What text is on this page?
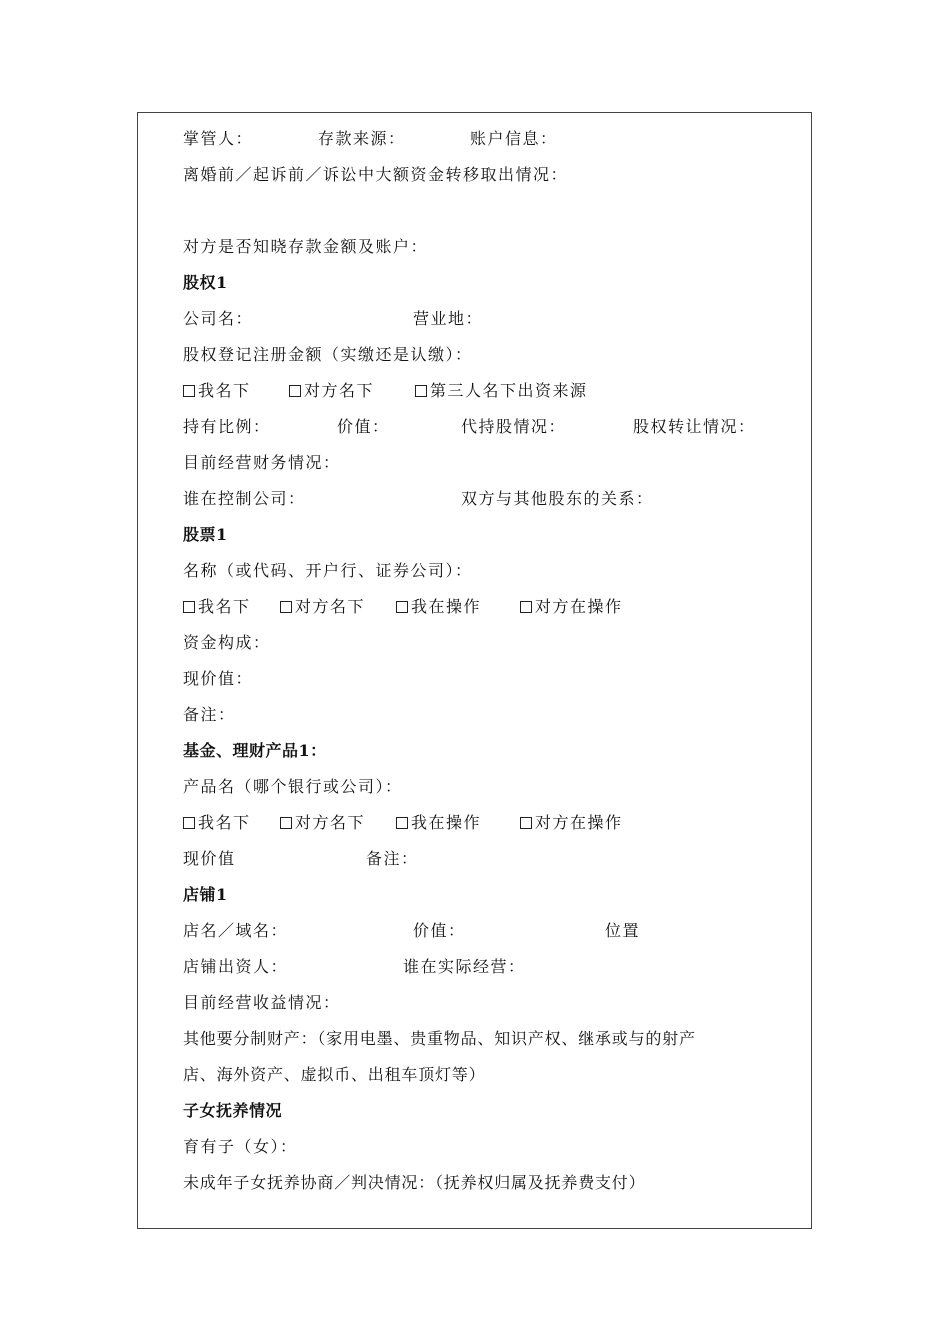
掌管人：	存款来源：	账户信息：
离婚前／起诉前／诉讼中大额资金转移取出情况：
对方是否知晓存款金额及账户：
股权1
公司名：	营业地：
股权登记注册金额（实缴还是认缴）：
我名下	对方名下	第三人名下出资来源
持有比例：	价值：	代持股情况：	股权转让情况：
目前经营财务情况：
谁在控制公司：	双方与其他股东的关系：
股票1
名称（或代码、开户行、证券公司）：
我名下	对方名下	我在操作	对方在操作
资金构成：
现价值：
备注：
基金、理财产品1：
产品名（哪个银行或公司）：
我名下	对方名下	我在操作	对方在操作
现价值	备注：
店铺1
店名／域名：	价值：	位置
店铺出资人：	谁在实际经营：
目前经营收益情况：
其他要分制财产：（家用电墨、贵重物品、知识产权、继承或与的射产
店、海外资产、虚拟币、出租车顶灯等）
子女抚养情况
育有子（女）：
未成年子女抚养协商／判决情况：（抚养权归属及抚养费支付）
